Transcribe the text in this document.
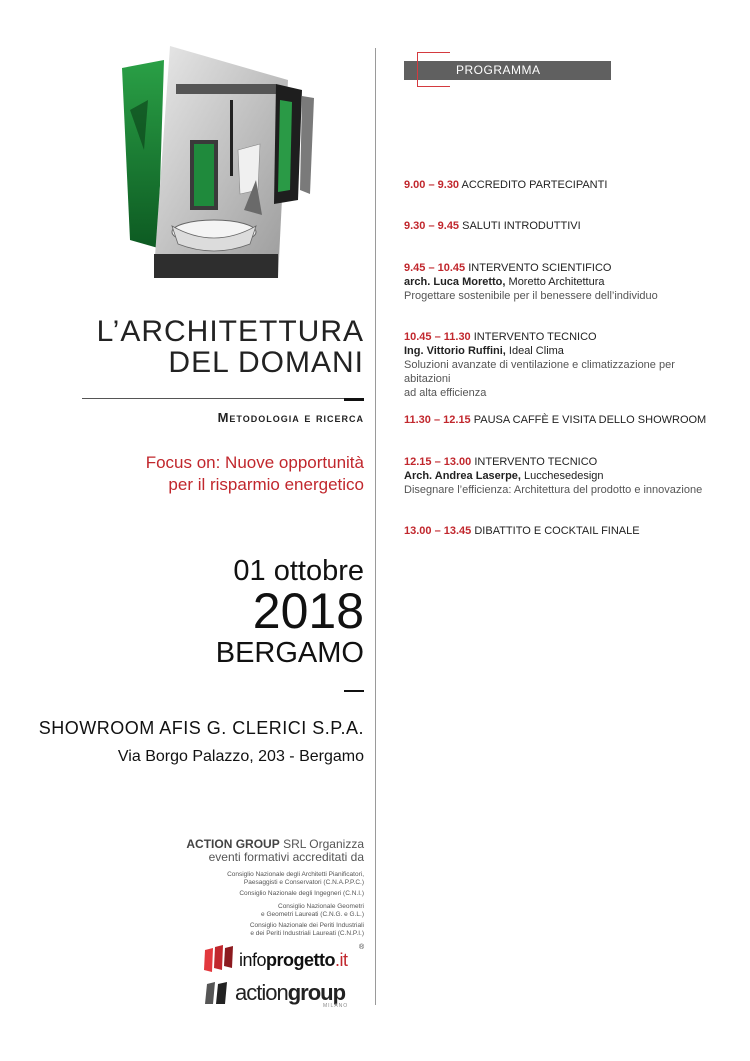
L’ARCHITETTURA
DEL DOMANI
Metodologia e ricerca
Focus on: Nuove opportunità
per il risparmio energetico
01 ottobre
2018
BERGAMO
SHOWROOM AFIS G. CLERICI S.P.A.
Via Borgo Palazzo, 203 - Bergamo
ACTION GROUP SRL Organizza
eventi formativi accreditati da
Consiglio Nazionale degli Architetti Pianificatori,
Paesaggisti e Conservatori (C.N.A.P.P.C.)
Consiglio Nazionale degli Ingegneri (C.N.I.)
Consiglio Nazionale Geometri
e Geometri Laureati (C.N.G. e G.L.)
Consiglio Nazionale dei Periti Industriali
e dei Periti Industriali Laureati (C.N.P.I.)
infoprogetto.it
®
actiongroup
MILANO
PROGRAMMA
9.00 – 9.30 ACCREDITO PARTECIPANTI
9.30 – 9.45 SALUTI INTRODUTTIVI
9.45 – 10.45 INTERVENTO SCIENTIFICO
arch. Luca Moretto, Moretto Architettura
Progettare sostenibile per il benessere dell’individuo
10.45 – 11.30 INTERVENTO TECNICO
Ing. Vittorio Ruffini, Ideal Clima
Soluzioni avanzate di ventilazione e climatizzazione per abitazioni
ad alta efficienza
11.30 – 12.15 PAUSA CAFFÈ E VISITA DELLO SHOWROOM
12.15 – 13.00 INTERVENTO TECNICO
Arch. Andrea Laserpe, Lucchesedesign
Disegnare l’efficienza: Architettura del prodotto e innovazione
13.00 – 13.45 DIBATTITO E COCKTAIL FINALE
